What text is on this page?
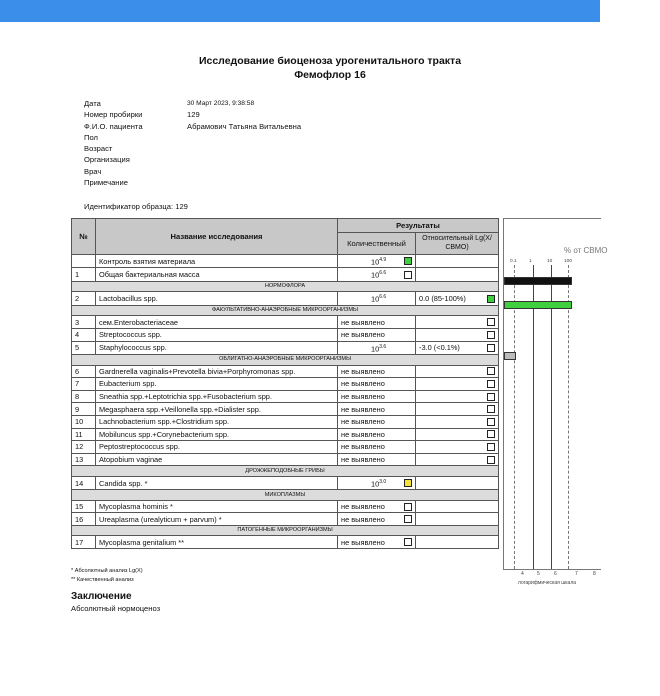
Исследование биоценоза урогенитального тракта
Фемофлор 16
Дата	30 Март 2023, 9:38:58
Номер пробирки	129
Ф.И.О. пациента	Абрамович Татьяна Витальевна
Пол
Возраст
Организация
Врач
Примечание
Идентификатор образца: 129
№	Название исследования	Результаты	
		Количественный	Относительный Lg(X/СВМО)
	Контроль взятия материала	$10^{4.9}$

1	Общая бактериальная масса	$10^{6.6}$

НОРМОФЛОРА			
2	Lactobacillus spp.	$10^{6.6}$	0.0 (85-100%)

ФАКУЛЬТАТИВНО-АНАЭРОБНЫЕ МИКРООРГАНИЗМЫ			
3	сем.Enterobacteriaceae	не выявлено	

4	Streptococcus spp.	не выявлено	

5	Staphylococcus spp.	$10^{3.6}$	-3.0 (<0.1%)

ОБЛИГАТНО-АНАЭРОБНЫЕ МИКРООРГАНИЗМЫ			
6	Gardnerella vaginalis+Prevotella bivia+Porphyromonas spp.	не выявлено	

7	Eubacterium spp.	не выявлено	

8	Sneathia spp.+Leptotrichia spp.+Fusobacterium spp.	не выявлено	

9	Megasphaera spp.+Veillonella spp.+Dialister spp.	не выявлено	

10	Lachnobacterium spp.+Clostridium spp.	не выявлено	

11	Mobiluncus spp.+Corynebacterium spp.	не выявлено	

12	Peptostreptococcus spp.	не выявлено	

13	Atopobium vaginae	не выявлено	

ДРОЖЖЕПОДОБНЫЕ ГРИБЫ			
14	Candida spp. *	$10^{3.0}$

МИКОПЛАЗМЫ			
15	Mycoplasma hominis *	не выявлено	

16	Ureaplasma (urealyticum + parvum) *	не выявлено	

ПАТОГЕННЫЕ МИКРООРГАНИЗМЫ			
17	Mycoplasma genitalium **	не выявлено	

% от СВМО
0.1	1	10 100
4	5	6	7	8
логарифмическая шкала
* Абсолютный анализ Lg(X)
** Качественный анализ
Заключение
Абсолютный нормоценоз
